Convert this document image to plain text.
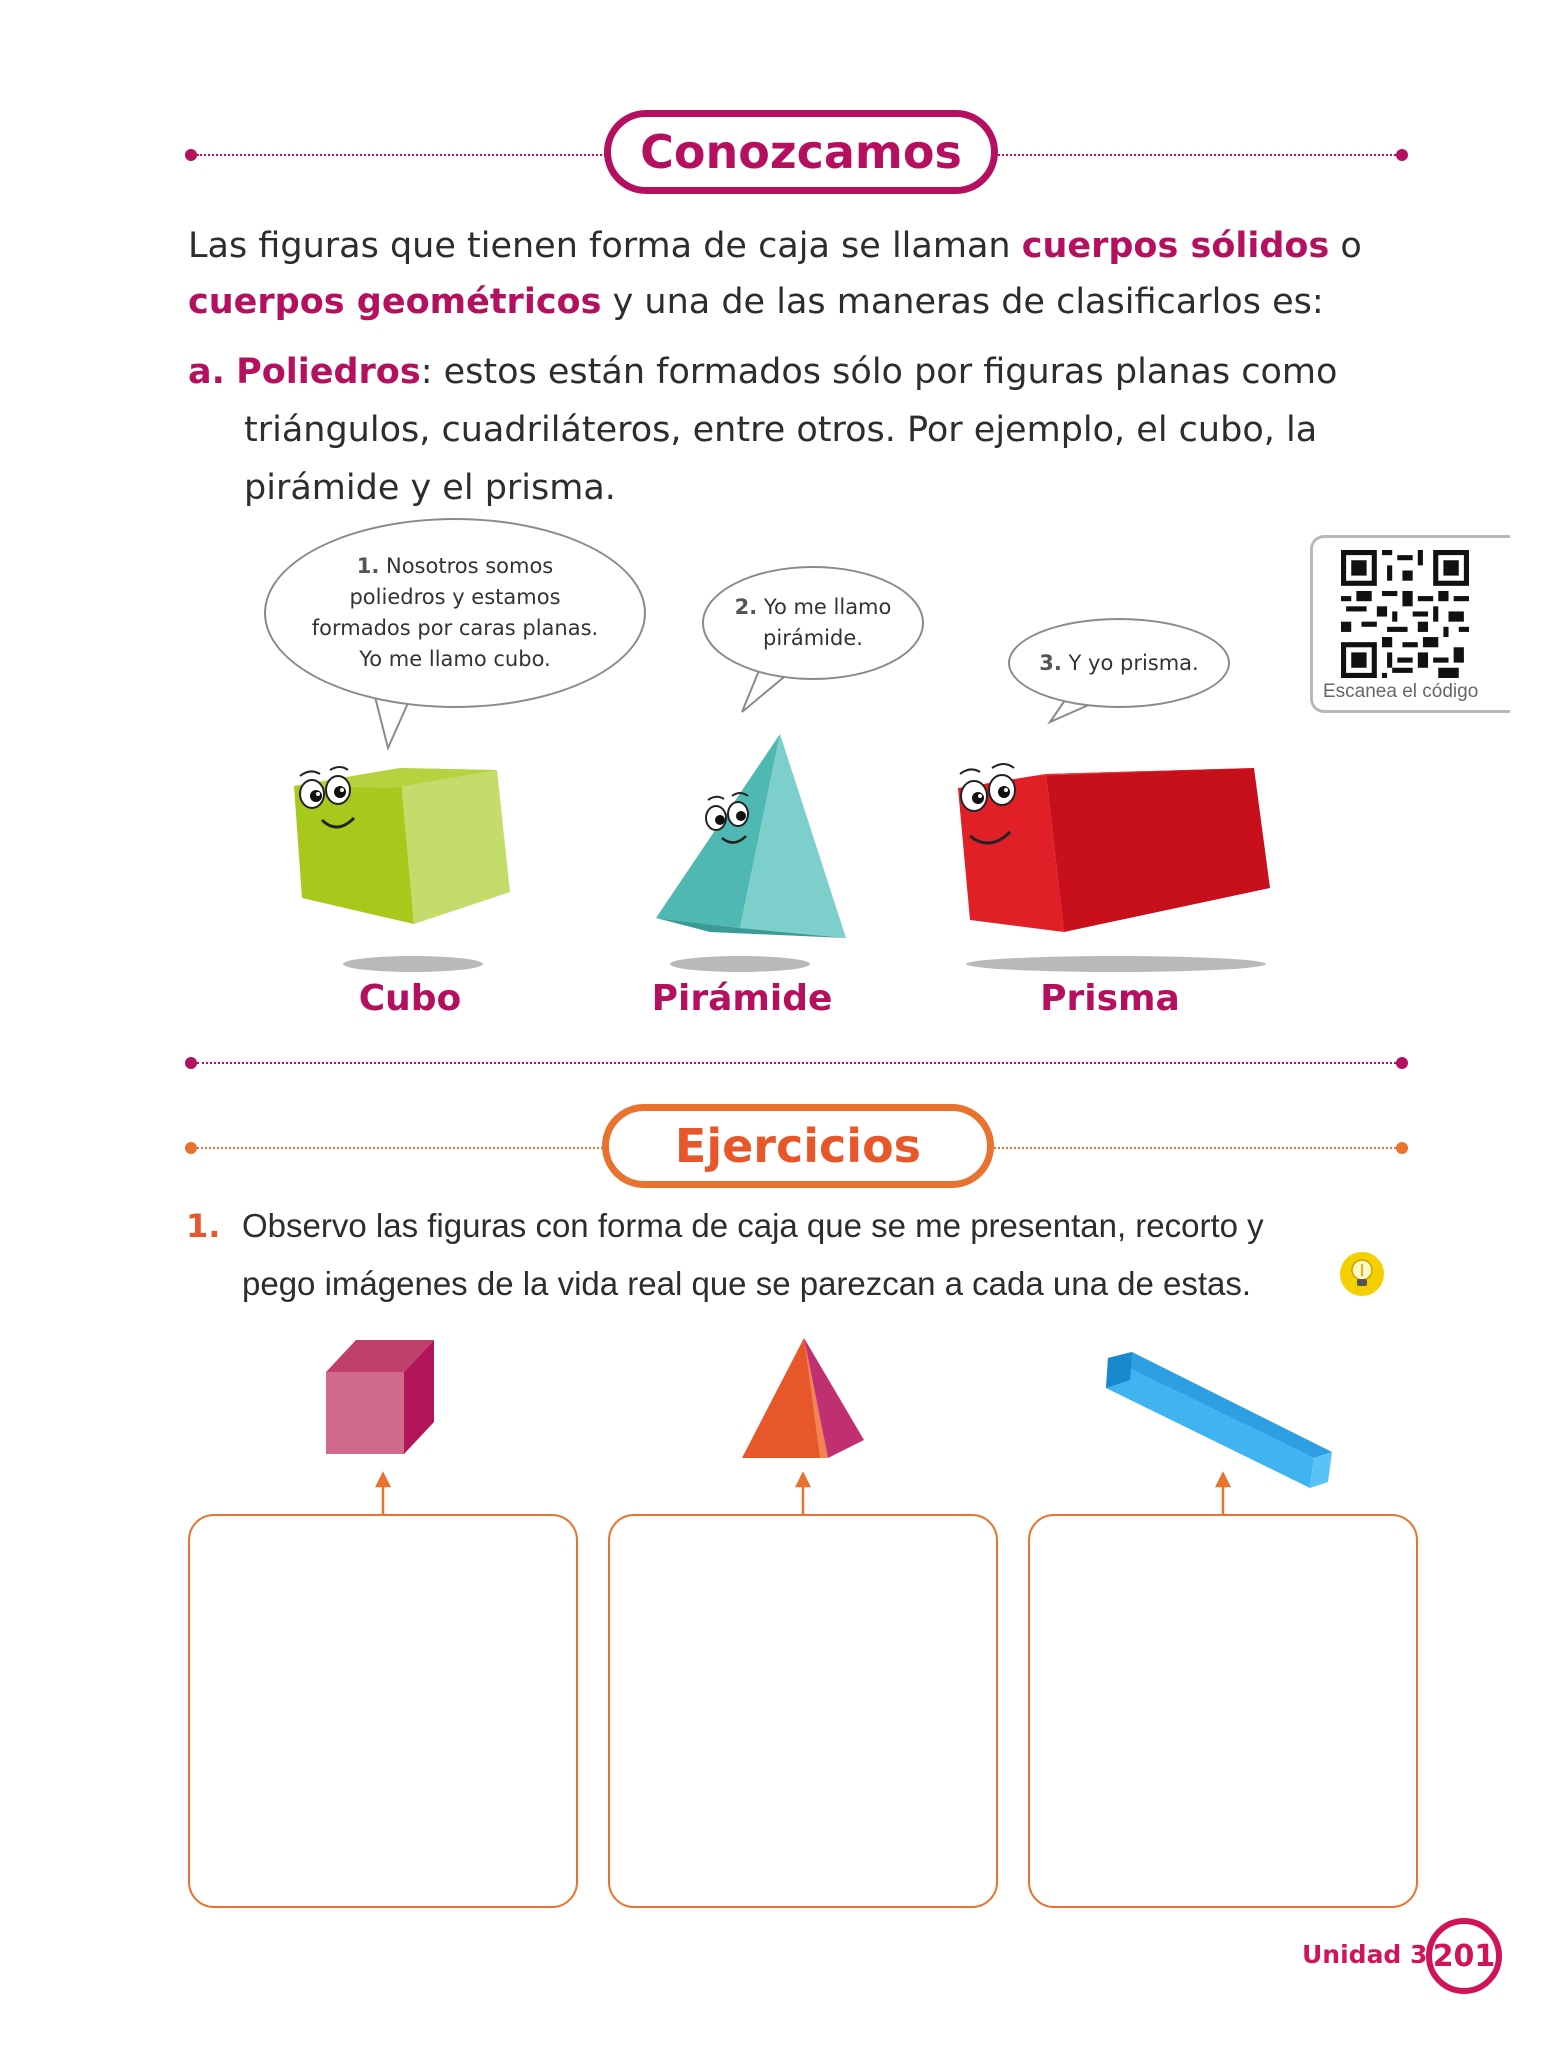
Conozcamos
Las figuras que tienen forma de caja se llaman cuerpos sólidos o
cuerpos geométricos y una de las maneras de clasificarlos es:
a. Poliedros: estos están formados sólo por figuras planas como
triángulos, cuadriláteros, entre otros. Por ejemplo, el cubo, la
pirámide y el prisma.
1. Nosotros somos poliedros y estamos formados por caras planas. Yo me llamo cubo.
2. Yo me llamo pirámide.
3. Y yo prisma.
Escanea el código
Cubo	Pirámide	Prisma
Ejercicios
1. Observo las figuras con forma de caja que se me presentan, recorto y
pego imágenes de la vida real que se parezcan a cada una de estas.
Unidad 3 201
